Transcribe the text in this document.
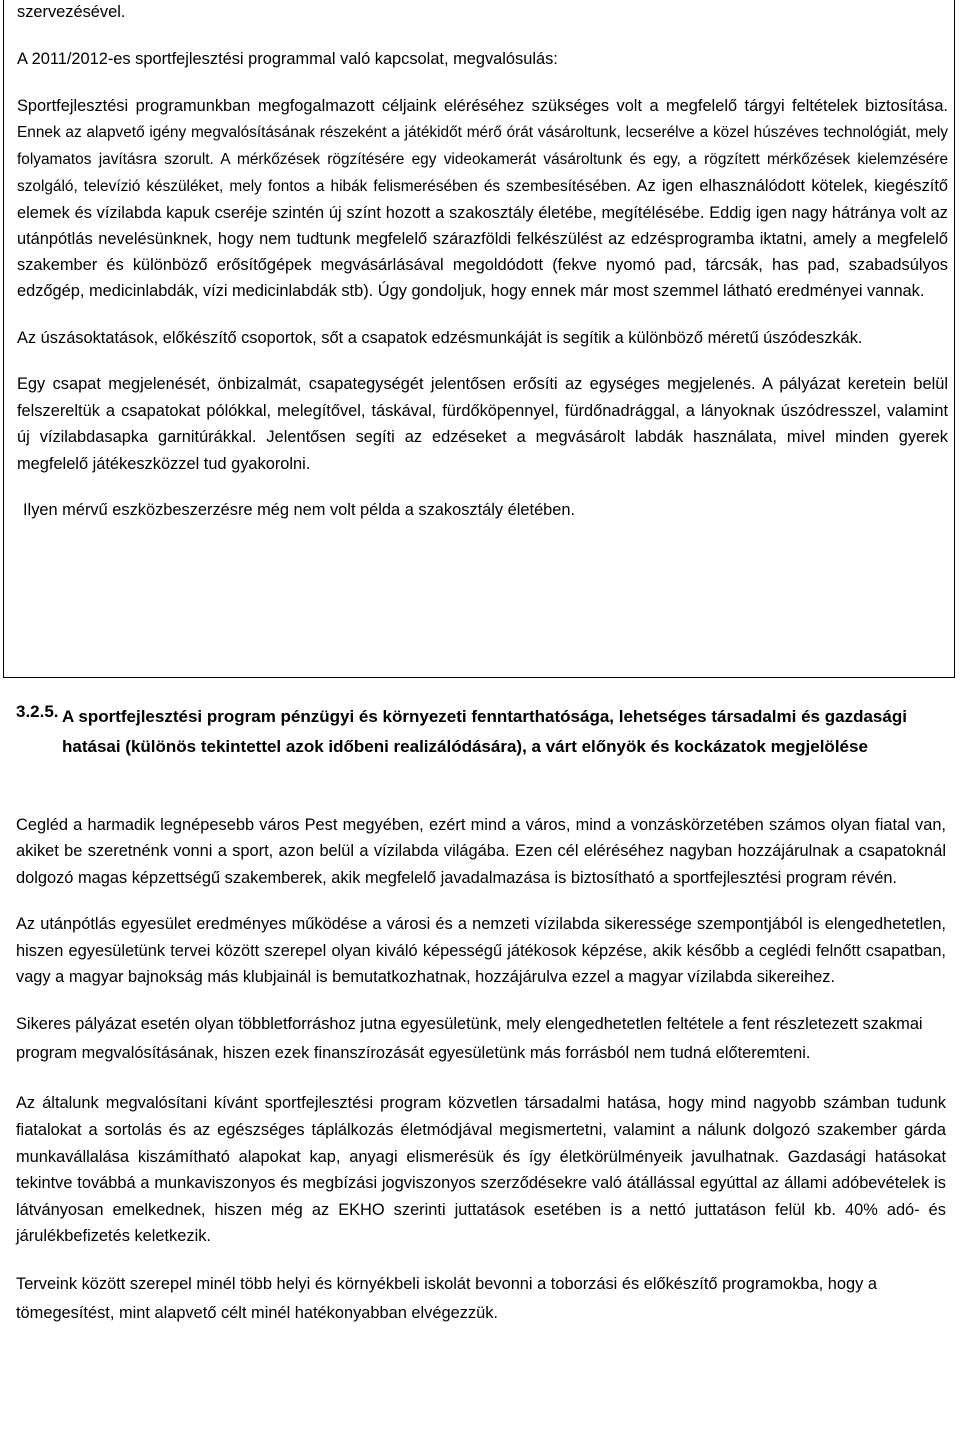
szervezésével.

A 2011/2012-es sportfejlesztési programmal való kapcsolat, megvalósulás:

Sportfejlesztési programunkban megfogalmazott céljaink eléréséhez szükséges volt a megfelelő tárgyi feltételek biztosítása. Ennek az alapvető igény megvalósításának részeként a játékidőt mérő órát vásároltunk, lecserélve a közel húszéves technológiát, mely folyamatos javításra szorult. A mérkőzések rögzítésére egy videokamerát vásároltunk és egy, a rögzített mérkőzések kielemzésére szolgáló, televízió készüléket, mely fontos a hibák felismerésében és szembesítésében. Az igen elhasználódott kötelek, kiegészítő elemek és vízilabda kapuk cseréje szintén új színt hozott a szakosztály életébe, megítélésébe. Eddig igen nagy hátránya volt az utánpótlás nevelésünknek, hogy nem tudtunk megfelelő szárazföldi felkészülést az edzésprogramba iktatni, amely a megfelelő szakember és különböző erősítőgépek megvásárlásával megoldódott (fekve nyomó pad, tárcsák, has pad, szabadsúlyos edzőgép, medicinlabdák, vízi medicinlabdák stb). Úgy gondoljuk, hogy ennek már most szemmel látható eredményei vannak.

Az úszásoktatások, előkészítő csoportok, sőt a csapatok edzésmunkáját is segítik a különböző méretű úszódeszkák.

Egy csapat megjelenését, önbizalmát, csapategységét jelentősen erősíti az egységes megjelenés. A pályázat keretein belül felszereltük a csapatokat pólókkal, melegítővel, táskával, fürdőköpennyel, fürdőnadrággal, a lányoknak úszódresszel, valamint új vízilabdasapka garnitúrákkal. Jelentősen segíti az edzéseket a megvásárolt labdák használata, mivel minden gyerek megfelelő játékeszközzel tud gyakorolni.

Ilyen mérvű eszközbeszerzésre még nem volt példa a szakosztály életében.

3.2.5. A sportfejlesztési program pénzügyi és környezeti fenntarthatósága, lehetséges társadalmi és gazdasági hatásai (különös tekintettel azok időbeni realizálódására), a várt előnyök és kockázatok megjelölése

Cegléd a harmadik legnépesebb város Pest megyében, ezért mind a város, mind a vonzáskörzetében számos olyan fiatal van, akiket be szeretnénk vonni a sport, azon belül a vízilabda világába. Ezen cél eléréséhez nagyban hozzájárulnak a csapatoknál dolgozó magas képzettségű szakemberek, akik megfelelő javadalmazása is biztosítható a sportfejlesztési program révén.

Az utánpótlás egyesület eredményes működése a városi és a nemzeti vízilabda sikeressége szempontjából is elengedhetetlen, hiszen egyesületünk tervei között szerepel olyan kiváló képességű játékosok képzése, akik később a ceglédi felnőtt csapatban, vagy a magyar bajnokság más klubjainál is bemutatkozhatnak, hozzájárulva ezzel a magyar vízilabda sikereihez.

Sikeres pályázat esetén olyan többletforráshoz jutna egyesületünk, mely elengedhetetlen feltétele a fent részletezett szakmai program megvalósításának, hiszen ezek finanszírozását egyesületünk más forrásból nem tudná előteremteni.

Az általunk megvalósítani kívánt sportfejlesztési program közvetlen társadalmi hatása, hogy mind nagyobb számban tudunk fiatalokat a sortolás és az egészséges táplálkozás életmódjával megismertetni, valamint a nálunk dolgozó szakember gárda munkavállalása kiszámítható alapokat kap, anyagi elismerésük és így életkörülményeik javulhatnak. Gazdasági hatásokat tekintve továbbá a munkaviszonyos és megbízási jogviszonyos szerződésekre való átállással egyúttal az állami adóbevételek is látványosan emelkednek, hiszen még az EKHO szerinti juttatások esetében is a nettó juttatáson felül kb. 40% adó- és járulékbefizetés keletkezik.

Terveink között szerepel minél több helyi és környékbeli iskolát bevonni a toborzási és előkészítő programokba, hogy a tömegesítést, mint alapvető célt minél hatékonyabban elvégezzük.
